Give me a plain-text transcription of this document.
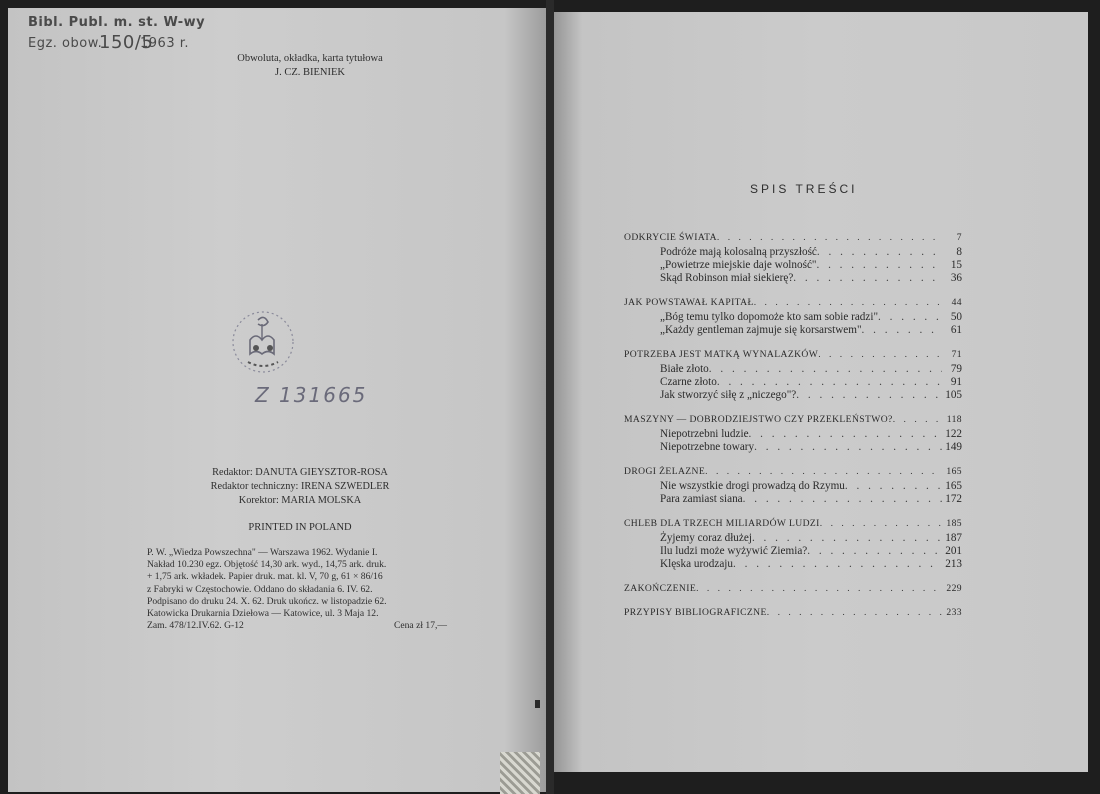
Bibl. Publ. m. st. W-wy
Egz. obow.
150/5
1963 r.
Obwoluta, okładka, karta tytułowa
J. CZ. BIENIEK
Z 131665
Redaktor: DANUTA GIEYSZTOR-ROSA
Redaktor techniczny: IRENA SZWEDLER
Korektor: MARIA MOLSKA
PRINTED IN POLAND
P. W. „Wiedza Powszechna" — Warszawa 1962. Wydanie I.
Nakład 10.230 egz. Objętość 14,30 ark. wyd., 14,75 ark. druk.
+ 1,75 ark. wkładek. Papier druk. mat. kl. V, 70 g, 61 × 86/16
z Fabryki w Częstochowie. Oddano do składania 6. IV. 62.
Podpisano do druku 24. X. 62. Druk ukończ. w listopadzie 62.
Katowicka Drukarnia Dziełowa — Katowice, ul. 3 Maja 12.
Zam. 478/12.IV.62. G-12	Cena zł 17,—
SPIS TREŚCI
ODKRYCIE ŚWIATA . . .	7
Podróże mają kolosalną przyszłość . . .	8
„Powietrze miejskie daje wolność" . . .	15
Skąd Robinson miał siekierę? . . .	36
JAK POWSTAWAŁ KAPITAŁ . . .	44
„Bóg temu tylko dopomoże kto sam sobie radzi" . . .	50
„Każdy gentleman zajmuje się korsarstwem" . . .	61
POTRZEBA JEST MATKĄ WYNALAZKÓW . . .	71
Białe złoto . . .	79
Czarne złoto . . .	91
Jak stworzyć siłę z „niczego"? . . .	105
MASZYNY — DOBRODZIEJSTWO CZY PRZEKLEŃSTWO? . . .	118
Niepotrzebni ludzie . . .	122
Niepotrzebne towary . . .	149
DROGI ŻELAZNE . . .	165
Nie wszystkie drogi prowadzą do Rzymu . . .	165
Para zamiast siana . . .	172
CHLEB DLA TRZECH MILIARDÓW LUDZI . . .	185
Żyjemy coraz dłużej . . .	187
Ilu ludzi może wyżywić Ziemia? . . .	201
Klęska urodzaju . . .	213
ZAKOŃCZENIE . . .	229
PRZYPISY BIBLIOGRAFICZNE . . .	233
